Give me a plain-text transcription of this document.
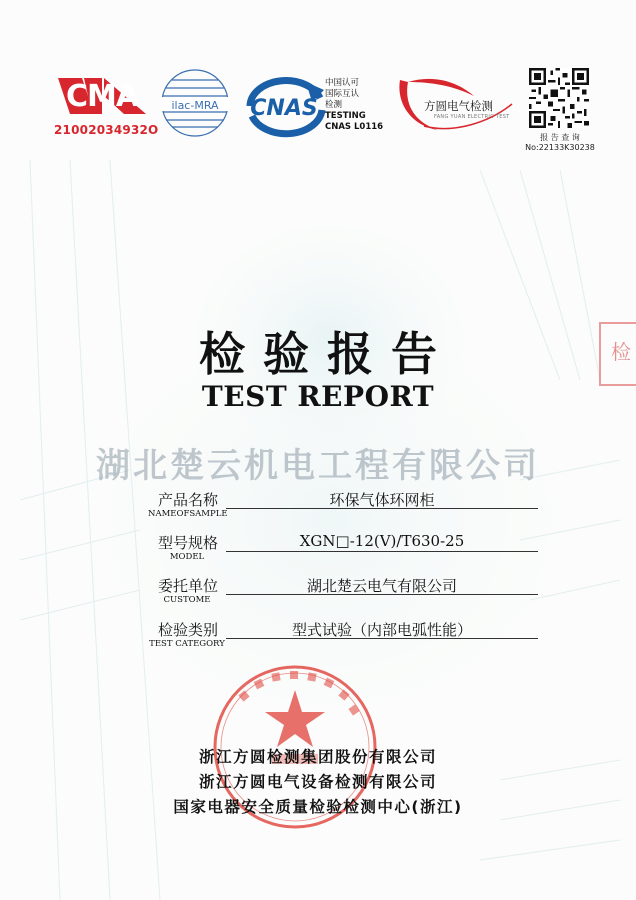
CMA
21002034932O
ilac-MRA CNAS
中国认可
国际互认
检测
TESTING
CNAS L0116
方圆电气检测
FANG YUAN ELECTRIC TEST
报 告 查 询
No:22133K30238
检
检验报告
TEST REPORT
湖北楚云机电工程有限公司
产品名称
NAMEOFSAMPLE
环保气体环网柜
型号规格
MODEL
XGN□-12(V)/T630-25
委托单位
CUSTOME
湖北楚云电气有限公司
检验类别
TEST CATEGORY
型式试验（内部电弧性能）
浙江方圆检测集团股份有限公司
浙江方圆电气设备检测有限公司
国家电器安全质量检验检测中心(浙江)
